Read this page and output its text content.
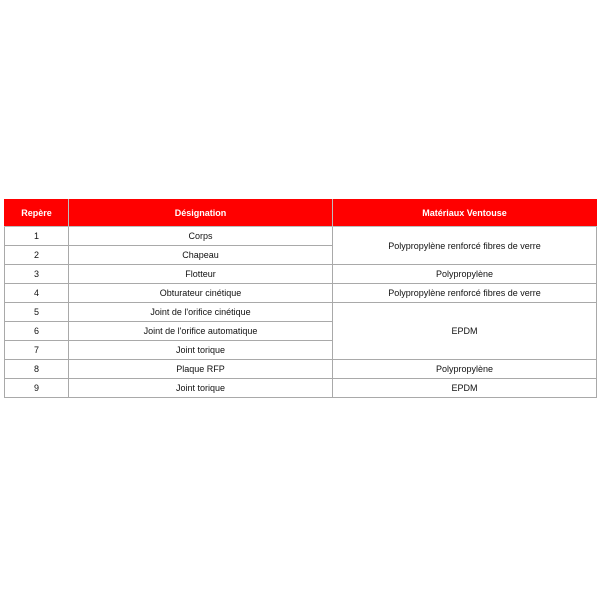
Repère	Désignation	Matériaux Ventouse
1	Corps	Polypropylène renforcé fibres de verre
2	Chapeau	
3	Flotteur	Polypropylène
4	Obturateur cinétique	Polypropylène renforcé fibres de verre
5	Joint de l'orifice cinétique	EPDM
6	Joint de l'orifice automatique	
7	Joint torique	
8	Plaque RFP	Polypropylène
9	Joint torique	EPDM
